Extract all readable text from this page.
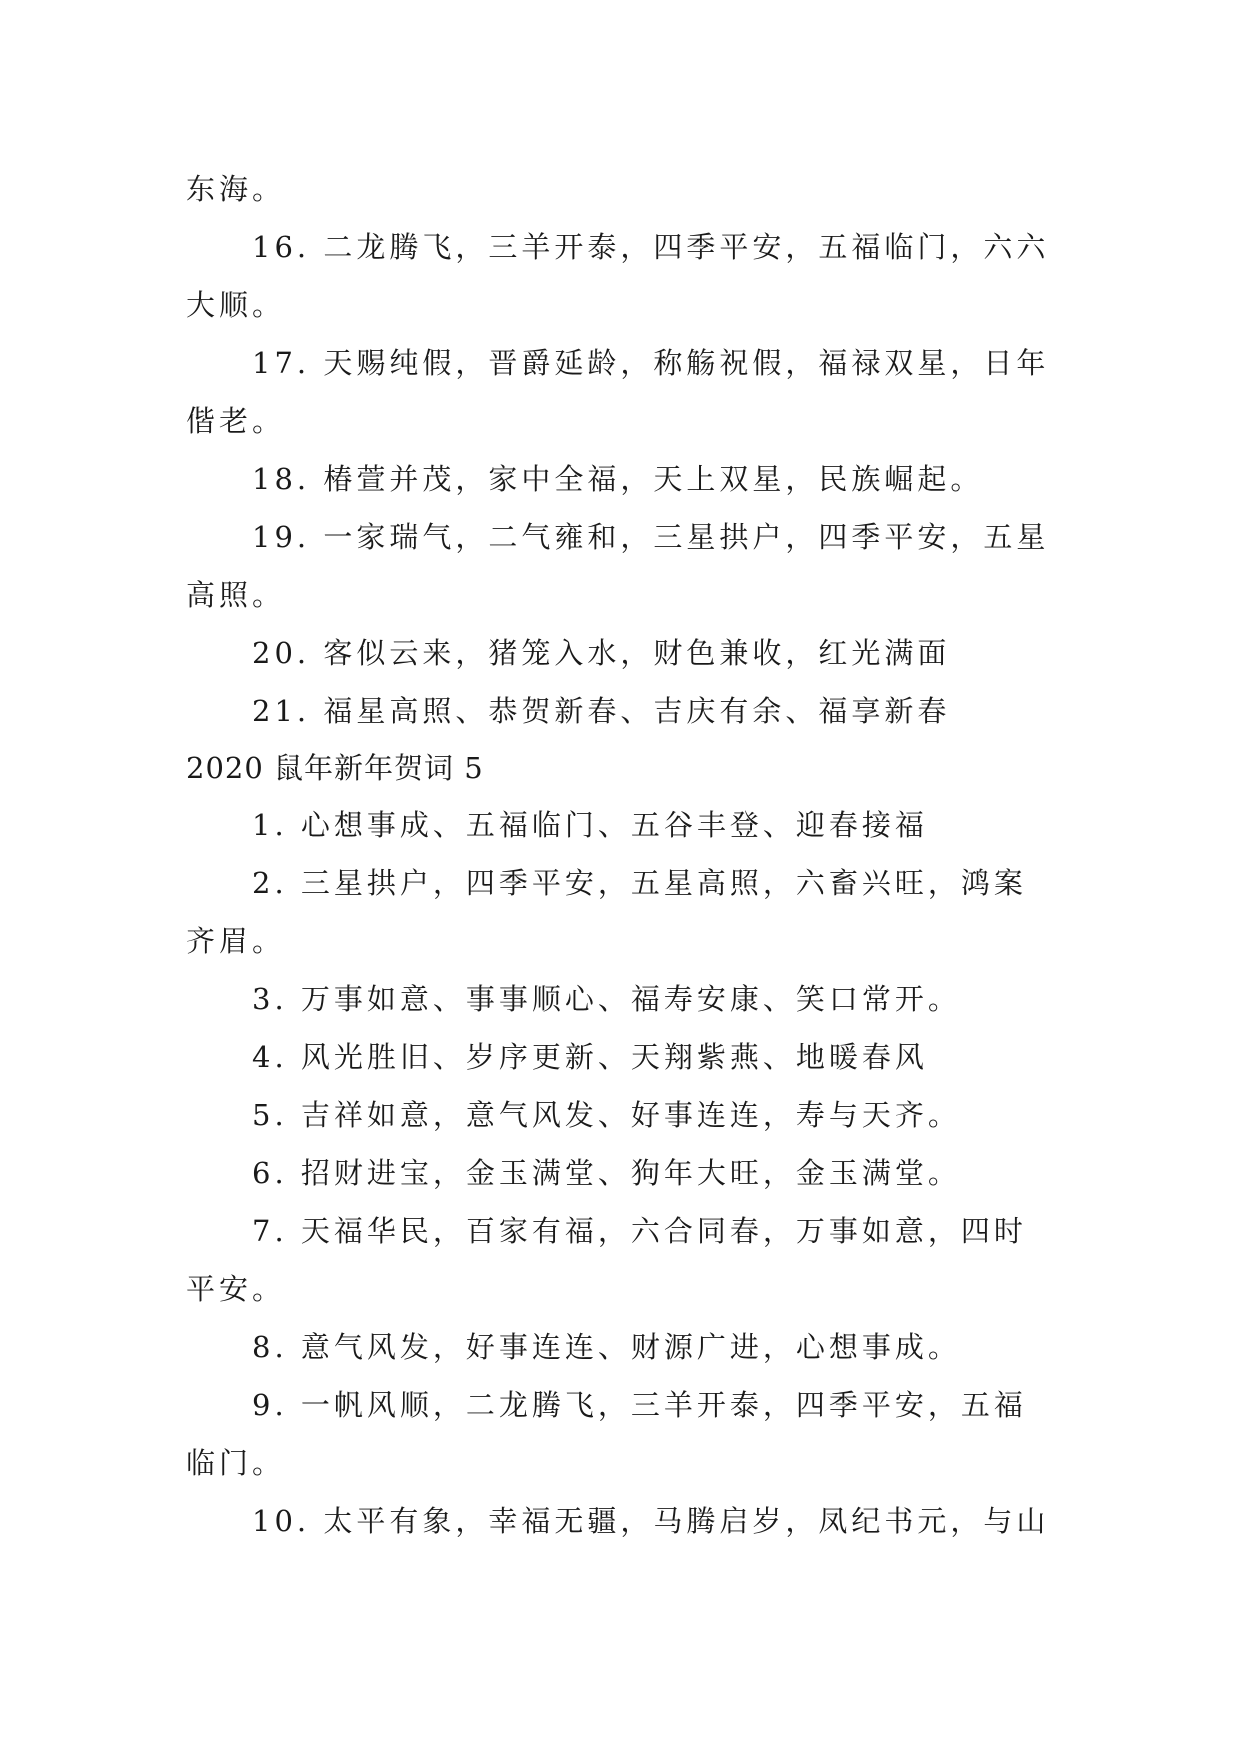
东海。
16. 二龙腾飞，三羊开泰，四季平安，五福临门，六六
大顺。
17. 天赐纯假，晋爵延龄，称觞祝假，福禄双星，日年
偕老。
18. 椿萱并茂，家中全福，天上双星，民族崛起。
19. 一家瑞气，二气雍和，三星拱户，四季平安，五星
高照。
20. 客似云来，猪笼入水，财色兼收，红光满面
21. 福星高照、恭贺新春、吉庆有余、福享新春
2020 鼠年新年贺词 5
1. 心想事成、五福临门、五谷丰登、迎春接福
2. 三星拱户，四季平安，五星高照，六畜兴旺，鸿案
齐眉。
3. 万事如意、事事顺心、福寿安康、笑口常开。
4. 风光胜旧、岁序更新、天翔紫燕、地暖春风
5. 吉祥如意，意气风发、好事连连，寿与天齐。
6. 招财进宝，金玉满堂、狗年大旺，金玉满堂。
7. 天福华民，百家有福，六合同春，万事如意，四时
平安。
8. 意气风发，好事连连、财源广进，心想事成。
9. 一帆风顺，二龙腾飞，三羊开泰，四季平安，五福
临门。
10. 太平有象，幸福无疆，马腾启岁，凤纪书元，与山
